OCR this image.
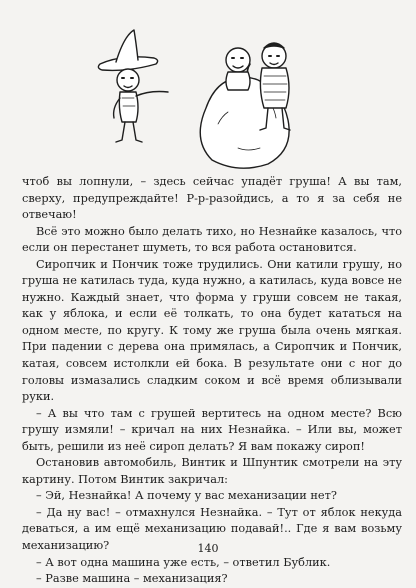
чтоб вы лопнули, – здесь сейчас упадёт груша! А вы там, сверху, предупреждайте! Р-р-разойдись, а то я за себя не отвечаю!

Всё это можно было делать тихо, но Незнайке казалось, что если он перестанет шуметь, то вся работа остановится.

Сиропчик и Пончик тоже трудились. Они катили грушу, но груша не катилась туда, куда нужно, а катилась, куда вовсе не нужно. Каждый знает, что форма у груши совсем не такая, как у яблока, и если её толкать, то она будет кататься на одном месте, по кругу. К тому же груша была очень мягкая. При падении с дерева она примялась, а Сиропчик и Пончик, катая, совсем истолкли ей бока. В результате они с ног до головы измазались сладким соком и всё время облизывали руки.

– А вы что там с грушей вертитесь на одном месте? Всю грушу измяли! – кричал на них Незнайка. – Или вы, может быть, решили из неё сироп делать? Я вам покажу сироп!

Остановив автомобиль, Винтик и Шпунтик смотрели на эту картину. Потом Винтик закричал:

– Эй, Незнайка! А почему у вас механизации нет?

– Да ну вас! – отмахнулся Незнайка. – Тут от яблок некуда деваться, а им ещё механизацию подавай!.. Где я вам возьму механизацию?

– А вот одна машина уже есть, – ответил Бублик.

– Разве машина – механизация?

140
